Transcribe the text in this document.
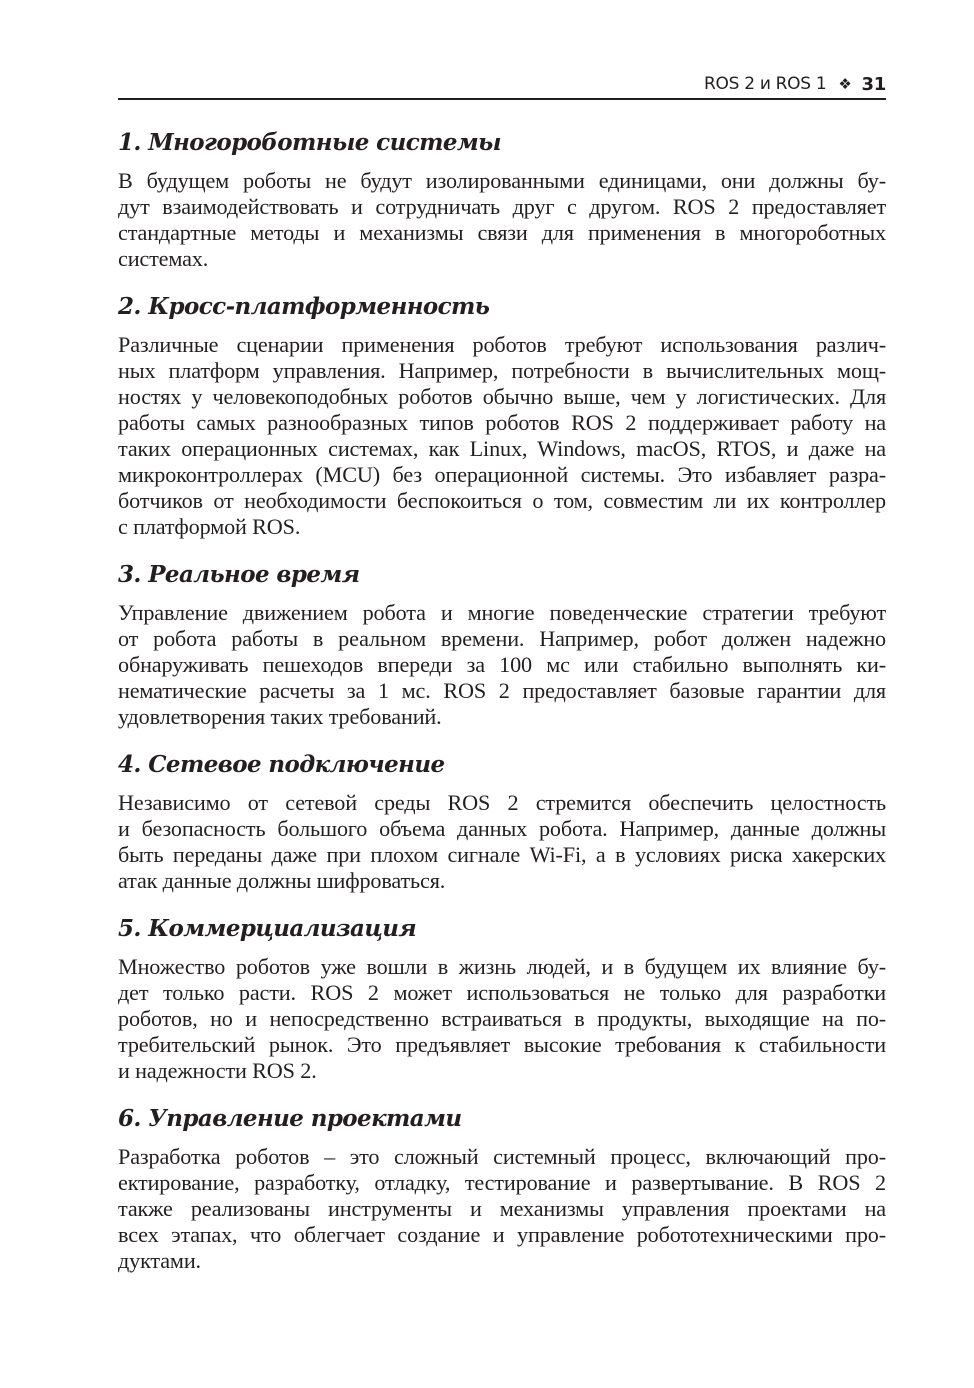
ROS 2 и ROS 1 ❖ 31
1. Многороботные системы

В будущем роботы не будут изолированными единицами, они должны бу-
дут взаимодействовать и сотрудничать друг с другом. ROS 2 предоставляет
стандартные методы и механизмы связи для применения в многороботных
системах.

2. Кросс-платформенность

Различные сценарии применения роботов требуют использования различ-
ных платформ управления. Например, потребности в вычислительных мощ-
ностях у человекоподобных роботов обычно выше, чем у логистических. Для
работы самых разнообразных типов роботов ROS 2 поддерживает работу на
таких операционных системах, как Linux, Windows, macOS, RTOS, и даже на
микроконтроллерах (MCU) без операционной системы. Это избавляет разра-
ботчиков от необходимости беспокоиться о том, совместим ли их контроллер
с платформой ROS.

3. Реальное время

Управление движением робота и многие поведенческие стратегии требуют
от робота работы в реальном времени. Например, робот должен надежно
обнаруживать пешеходов впереди за 100 мс или стабильно выполнять ки-
нематические расчеты за 1 мс. ROS 2 предоставляет базовые гарантии для
удовлетворения таких требований.

4. Сетевое подключение

Независимо от сетевой среды ROS 2 стремится обеспечить целостность
и безопасность большого объема данных робота. Например, данные должны
быть переданы даже при плохом сигнале Wi-Fi, а в условиях риска хакерских
атак данные должны шифроваться.

5. Коммерциализация

Множество роботов уже вошли в жизнь людей, и в будущем их влияние бу-
дет только расти. ROS 2 может использоваться не только для разработки
роботов, но и непосредственно встраиваться в продукты, выходящие на по-
требительский рынок. Это предъявляет высокие требования к стабильности
и надежности ROS 2.

6. Управление проектами

Разработка роботов – это сложный системный процесс, включающий про-
ектирование, разработку, отладку, тестирование и развертывание. В ROS 2
также реализованы инструменты и механизмы управления проектами на
всех этапах, что облегчает создание и управление робототехническими про-
дуктами.
